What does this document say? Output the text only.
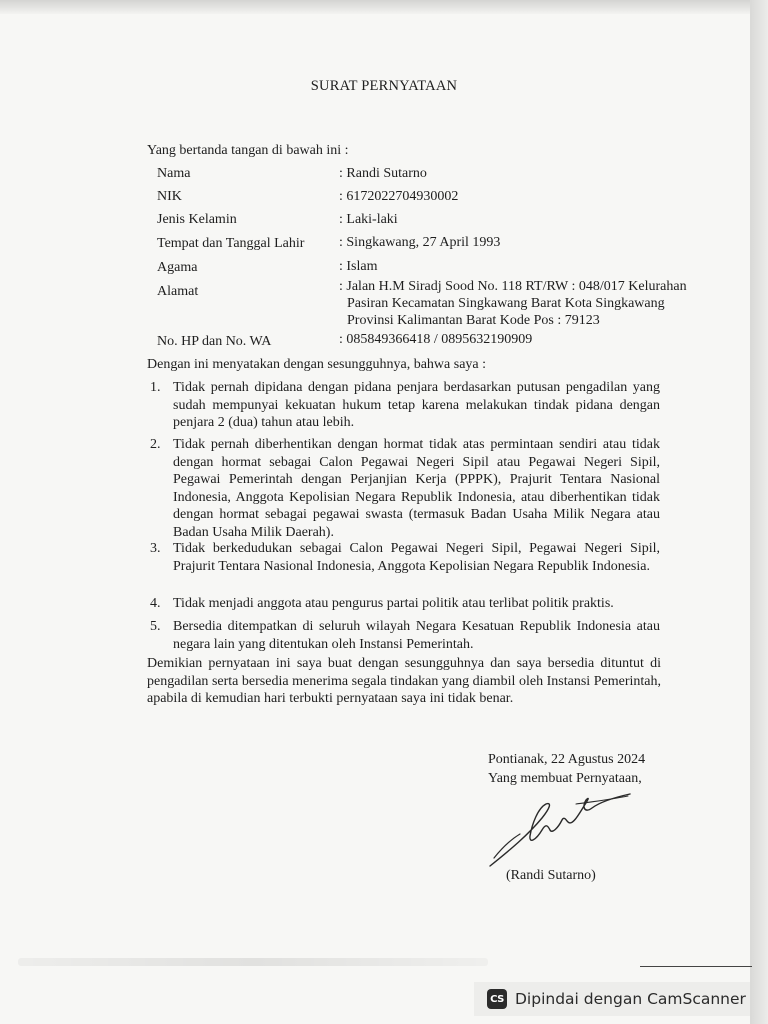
SURAT PERNYATAAN
Yang bertanda tangan di bawah ini :
Nama	: Randi Sutarno
NIK	: 6172022704930002
Jenis Kelamin	: Laki-laki
Tempat dan Tanggal Lahir : Singkawang, 27 April 1993
Agama	: Islam
Alamat	: Jalan H.M Siradj Sood No. 118 RT/RW : 048/017 Kelurahan
Pasiran Kecamatan Singkawang Barat Kota Singkawang
Provinsi Kalimantan Barat Kode Pos : 79123
No. HP dan No. WA	: 085849366418 / 0895632190909
Dengan ini menyatakan dengan sesungguhnya, bahwa saya :
1. Tidak pernah dipidana dengan pidana penjara berdasarkan putusan pengadilan yang sudah mempunyai kekuatan hukum tetap karena melakukan tindak pidana dengan penjara 2 (dua) tahun atau lebih.
2. Tidak pernah diberhentikan dengan hormat tidak atas permintaan sendiri atau tidak dengan hormat sebagai Calon Pegawai Negeri Sipil atau Pegawai Negeri Sipil, Pegawai Pemerintah dengan Perjanjian Kerja (PPPK), Prajurit Tentara Nasional Indonesia, Anggota Kepolisian Negara Republik Indonesia, atau diberhentikan tidak dengan hormat sebagai pegawai swasta (termasuk Badan Usaha Milik Negara atau Badan Usaha Milik Daerah).
3. Tidak berkedudukan sebagai Calon Pegawai Negeri Sipil, Pegawai Negeri Sipil, Prajurit Tentara Nasional Indonesia, Anggota Kepolisian Negara Republik Indonesia.
4. Tidak menjadi anggota atau pengurus partai politik atau terlibat politik praktis.
5. Bersedia ditempatkan di seluruh wilayah Negara Kesatuan Republik Indonesia atau negara lain yang ditentukan oleh Instansi Pemerintah.
Demikian pernyataan ini saya buat dengan sesungguhnya dan saya bersedia dituntut di pengadilan serta bersedia menerima segala tindakan yang diambil oleh Instansi Pemerintah, apabila di kemudian hari terbukti pernyataan saya ini tidak benar.
Pontianak, 22 Agustus 2024
Yang membuat Pernyataan,
(Randi Sutarno)
CS Dipindai dengan CamScanner
